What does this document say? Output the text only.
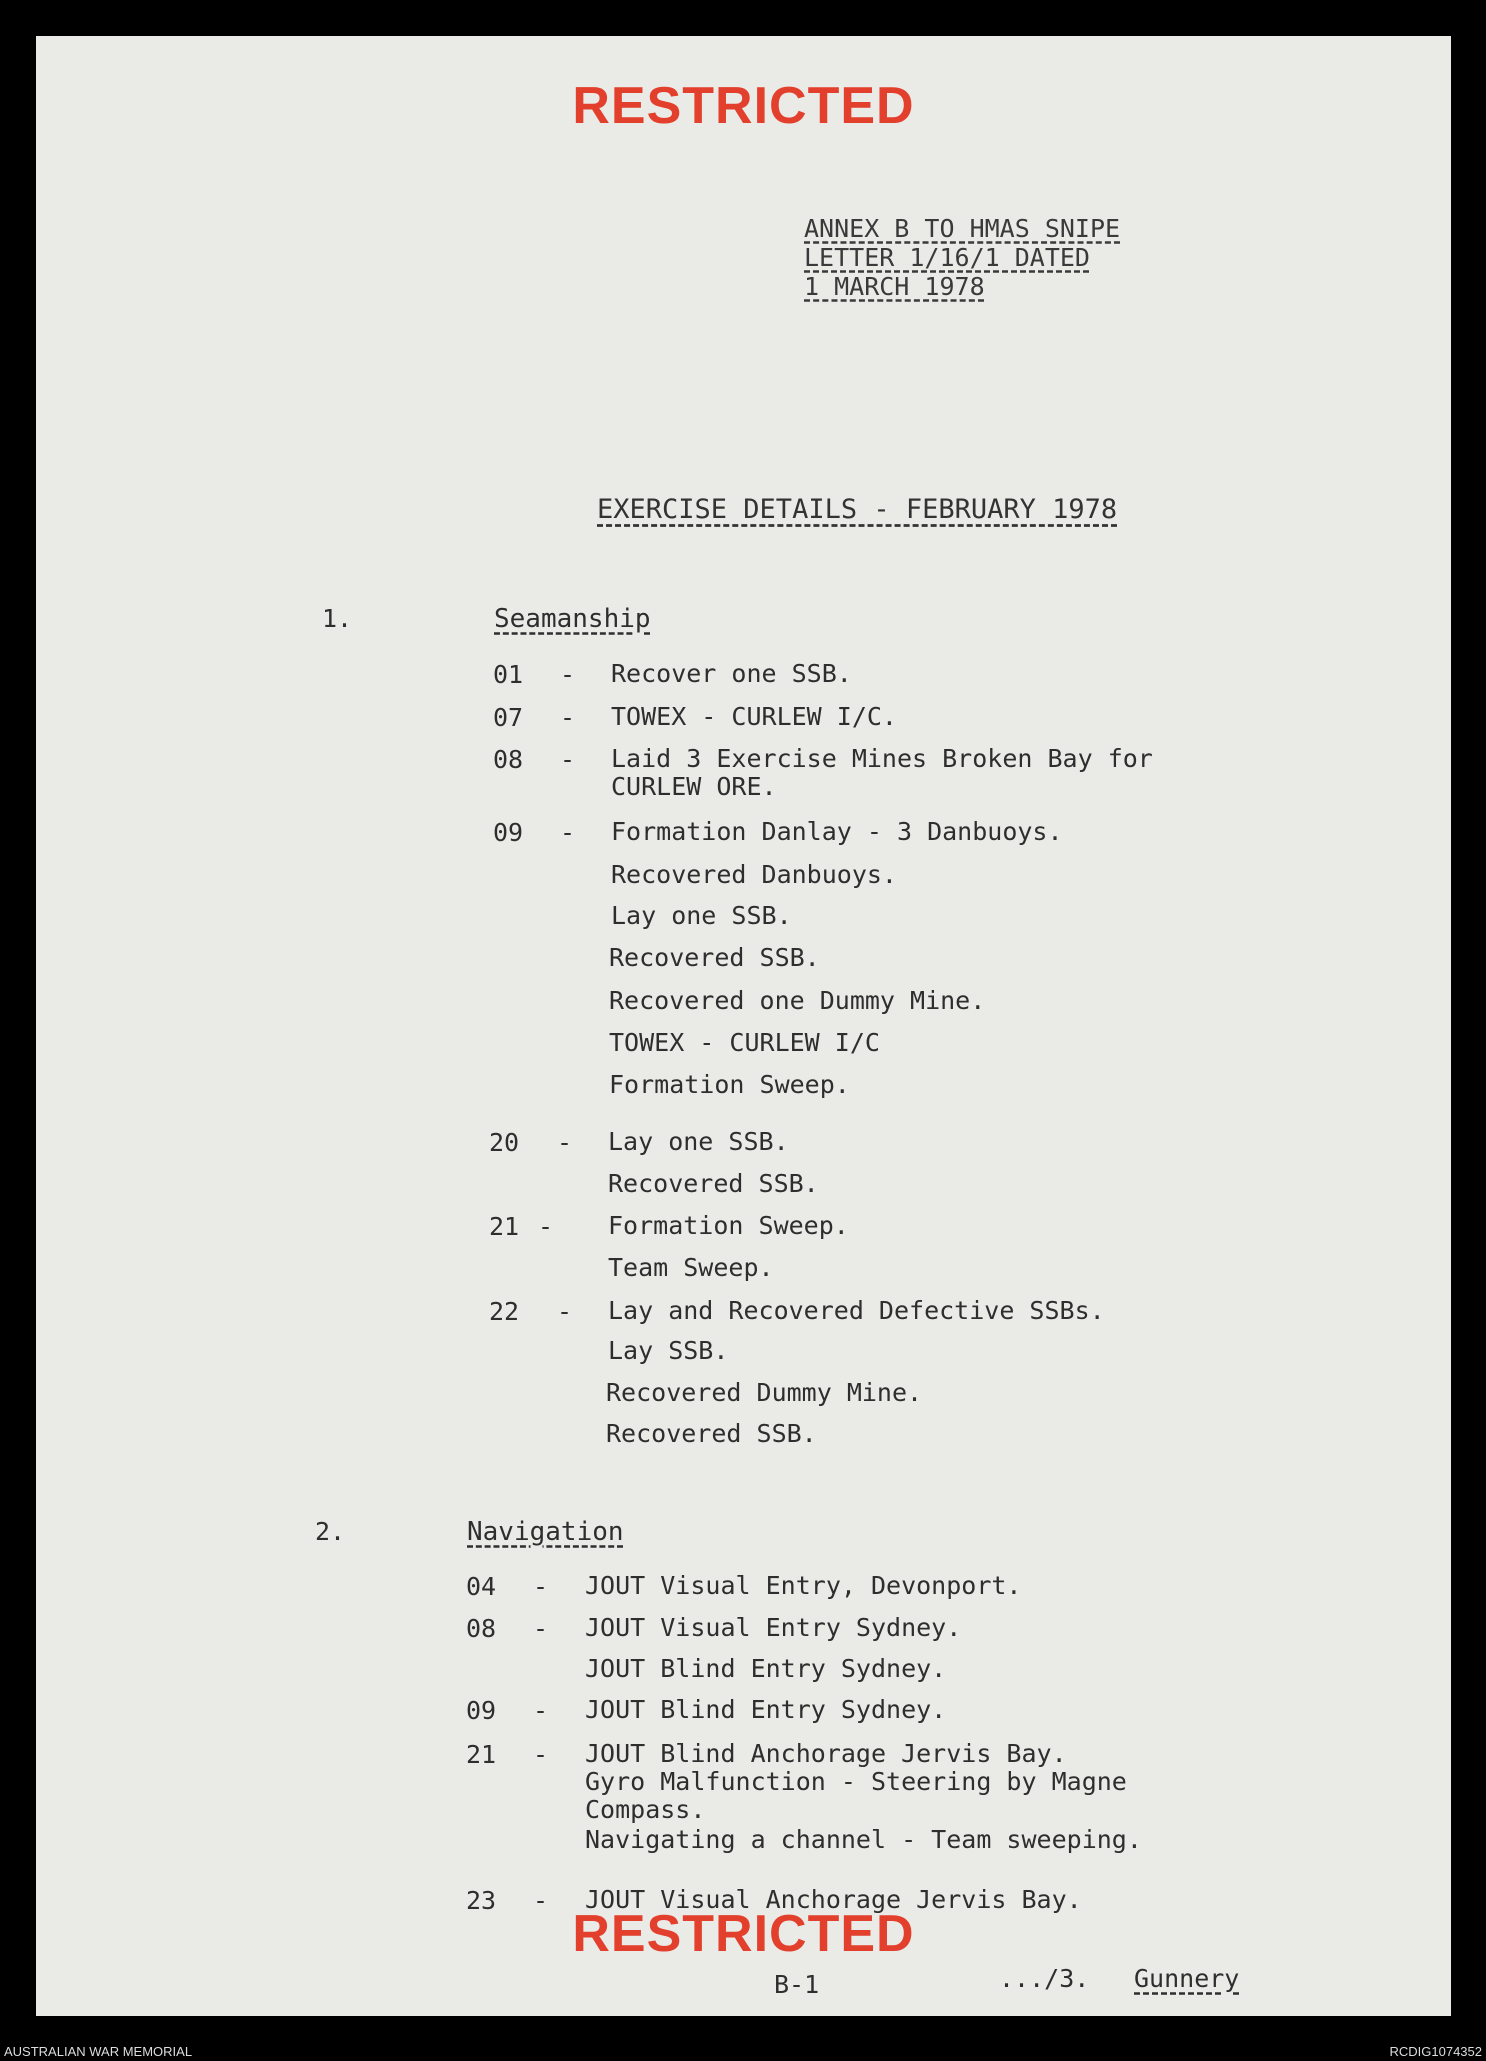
RESTRICTED
ANNEX B TO HMAS SNIPE
LETTER 1/16/1 DATED
1 MARCH 1978
EXERCISE DETAILS - FEBRUARY 1978
1.	Seamanship
01 - Recover one SSB.
07 - TOWEX - CURLEW I/C.
08 - Laid 3 Exercise Mines Broken Bay for
CURLEW ORE.
09 - Formation Danlay - 3 Danbuoys.
Recovered Danbuoys.
Lay one SSB.
Recovered SSB.
Recovered one Dummy Mine.
TOWEX - CURLEW I/C
Formation Sweep.
20 - Lay one SSB.
Recovered SSB.
21 - Formation Sweep.
Team Sweep.
22 - Lay and Recovered Defective SSBs.
Lay SSB.
Recovered Dummy Mine.
Recovered SSB.
2.	Navigation
04 - JOUT Visual Entry, Devonport.
08 - JOUT Visual Entry Sydney.
JOUT Blind Entry Sydney.
09 - JOUT Blind Entry Sydney.
21 - JOUT Blind Anchorage Jervis Bay.
Gyro Malfunction - Steering by Magne
Compass.
Navigating a channel - Team sweeping.
23 - JOUT Visual Anchorage Jervis Bay.
RESTRICTED
B-1	.../3. Gunnery
AUSTRALIAN WAR MEMORIAL	RCDIG1074352
